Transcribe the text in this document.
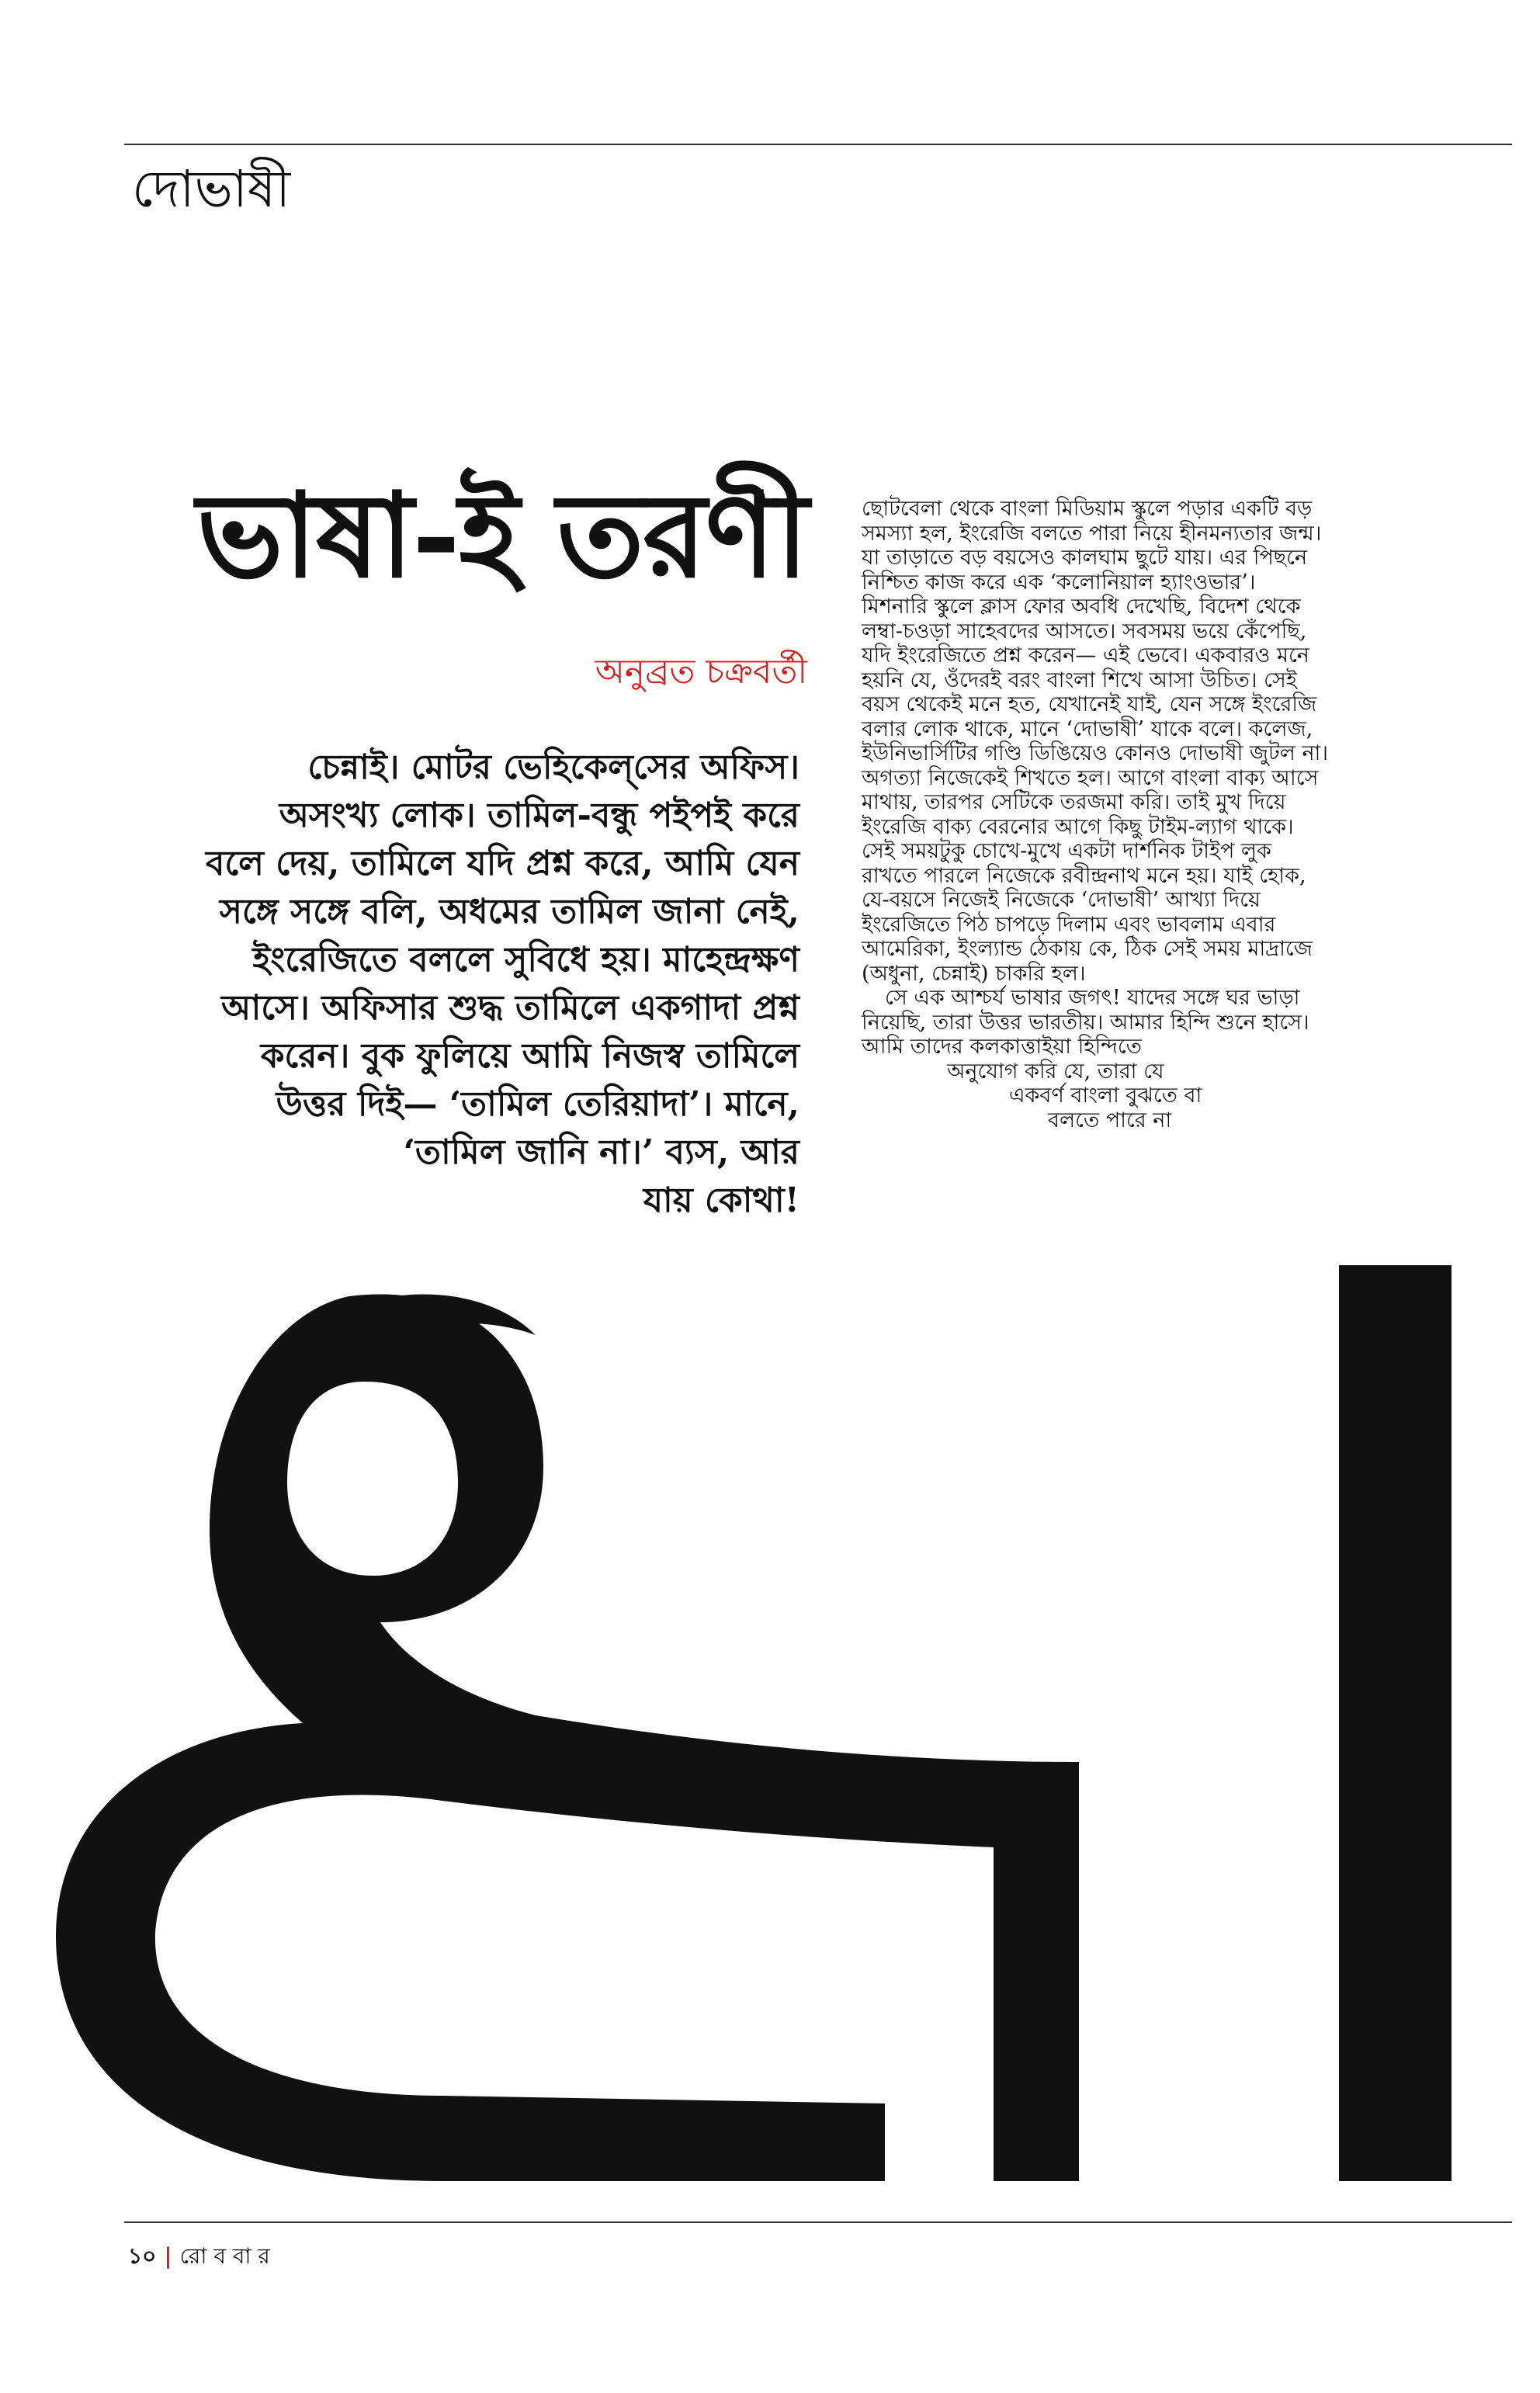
দোভাষী
ভাষা-ই তরণী
অনুব্রত চক্রবর্তী
চেন্নাই। মোটর ভেহিকেল্‌সের অফিস।
অসংখ্য লোক। তামিল-বন্ধু পইপই করে
বলে দেয়, তামিলে যদি প্রশ্ন করে, আমি যেন
সঙ্গে সঙ্গে বলি, অধমের তামিল জানা নেই,
ইংরেজিতে বললে সুবিধে হয়। মাহেন্দ্রক্ষণ
আসে। অফিসার শুদ্ধ তামিলে একগাদা প্রশ্ন
করেন। বুক ফুলিয়ে আমি নিজস্ব তামিলে
উত্তর দিই— ‘তামিল তেরিয়াদা’। মানে,
‘তামিল জানি না।’ ব্যস, আর
যায় কোথা!
ছোটবেলা থেকে বাংলা মিডিয়াম স্কুলে পড়ার একটি বড়
সমস্যা হল, ইংরেজি বলতে পারা নিয়ে হীনমন্যতার জন্ম।
যা তাড়াতে বড় বয়সেও কালঘাম ছুটে যায়। এর পিছনে
নিশ্চিত কাজ করে এক ‘কলোনিয়াল হ্যাংওভার’।
মিশনারি স্কুলে ক্লাস ফোর অবধি দেখেছি, বিদেশ থেকে
লম্বা-চওড়া সাহেবদের আসতে। সবসময় ভয়ে কেঁপেছি,
যদি ইংরেজিতে প্রশ্ন করেন— এই ভেবে। একবারও মনে
হয়নি যে, ওঁদেরই বরং বাংলা শিখে আসা উচিত। সেই
বয়স থেকেই মনে হত, যেখানেই যাই, যেন সঙ্গে ইংরেজি
বলার লোক থাকে, মানে ‘দোভাষী’ যাকে বলে। কলেজ,
ইউনিভার্সিটির গণ্ডি ডিঙিয়েও কোনও দোভাষী জুটল না।
অগত্যা নিজেকেই শিখতে হল। আগে বাংলা বাক্য আসে
মাথায়, তারপর সেটিকে তরজমা করি। তাই মুখ দিয়ে
ইংরেজি বাক্য বেরনোর আগে কিছু টাইম-ল্যাগ থাকে।
সেই সময়টুকু চোখে-মুখে একটা দার্শনিক টাইপ লুক
রাখতে পারলে নিজেকে রবীন্দ্রনাথ মনে হয়। যাই হোক,
যে-বয়সে নিজেই নিজেকে ‘দোভাষী’ আখ্যা দিয়ে
ইংরেজিতে পিঠ চাপড়ে দিলাম এবং ভাবলাম এবার
আমেরিকা, ইংল্যান্ড ঠেকায় কে, ঠিক সেই সময় মাদ্রাজে
(অধুনা, চেন্নাই) চাকরি হল।
সে এক আশ্চর্য ভাষার জগৎ! যাদের সঙ্গে ঘর ভাড়া
নিয়েছি, তারা উত্তর ভারতীয়। আমার হিন্দি শুনে হাসে।
আমি তাদের কলকাত্তাইয়া হিন্দিতে
অনুযোগ করি যে, তারা যে
একবর্ণ বাংলা বুঝতে বা
বলতে পারে না
১০ | রো ব বা র
